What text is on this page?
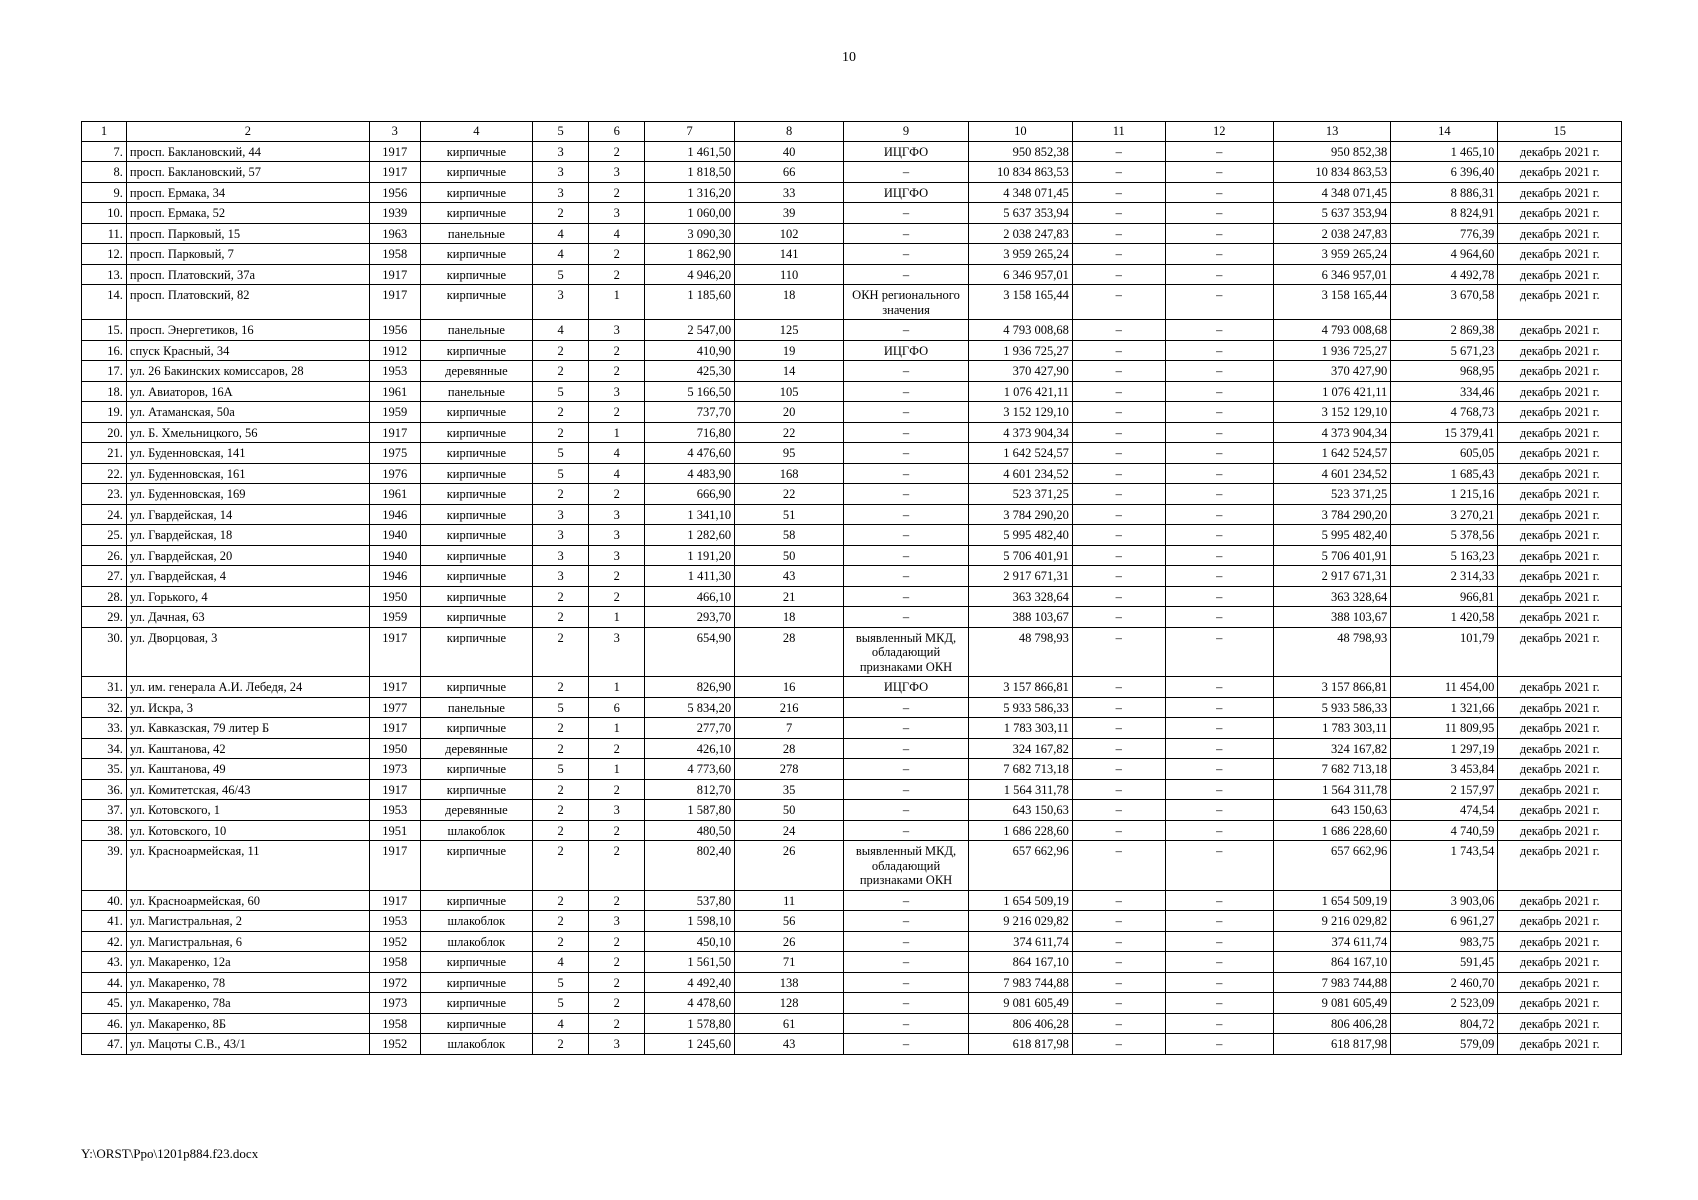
10
1	2	3	4	5	6	7	8	9	10	11	12	13	14	15
7.	просп. Баклановский, 44	1917	кирпичные	3	2	1 461,50	40	ИЦГФО	950 852,38	–	–	950 852,38	1 465,10	декабрь 2021 г.
8.	просп. Баклановский, 57	1917	кирпичные	3	3	1 818,50	66	–	10 834 863,53	–	–	10 834 863,53	6 396,40	декабрь 2021 г.
9.	просп. Ермака, 34	1956	кирпичные	3	2	1 316,20	33	ИЦГФО	4 348 071,45	–	–	4 348 071,45	8 886,31	декабрь 2021 г.
10.	просп. Ермака, 52	1939	кирпичные	2	3	1 060,00	39	–	5 637 353,94	–	–	5 637 353,94	8 824,91	декабрь 2021 г.
11.	просп. Парковый, 15	1963	панельные	4	4	3 090,30	102	–	2 038 247,83	–	–	2 038 247,83	776,39	декабрь 2021 г.
12.	просп. Парковый, 7	1958	кирпичные	4	2	1 862,90	141	–	3 959 265,24	–	–	3 959 265,24	4 964,60	декабрь 2021 г.
13.	просп. Платовский, 37а	1917	кирпичные	5	2	4 946,20	110	–	6 346 957,01	–	–	6 346 957,01	4 492,78	декабрь 2021 г.
14.	просп. Платовский, 82	1917	кирпичные	3	1	1 185,60	18	ОКН регионального значения	3 158 165,44	–	–	3 158 165,44	3 670,58	декабрь 2021 г.
15.	просп. Энергетиков, 16	1956	панельные	4	3	2 547,00	125	–	4 793 008,68	–	–	4 793 008,68	2 869,38	декабрь 2021 г.
16.	спуск Красный, 34	1912	кирпичные	2	2	410,90	19	ИЦГФО	1 936 725,27	–	–	1 936 725,27	5 671,23	декабрь 2021 г.
17.	ул. 26 Бакинских комиссаров, 28	1953	деревянные	2	2	425,30	14	–	370 427,90	–	–	370 427,90	968,95	декабрь 2021 г.
18.	ул. Авиаторов, 16А	1961	панельные	5	3	5 166,50	105	–	1 076 421,11	–	–	1 076 421,11	334,46	декабрь 2021 г.
19.	ул. Атаманская, 50а	1959	кирпичные	2	2	737,70	20	–	3 152 129,10	–	–	3 152 129,10	4 768,73	декабрь 2021 г.
20.	ул. Б. Хмельницкого, 56	1917	кирпичные	2	1	716,80	22	–	4 373 904,34	–	–	4 373 904,34	15 379,41	декабрь 2021 г.
21.	ул. Буденновская, 141	1975	кирпичные	5	4	4 476,60	95	–	1 642 524,57	–	–	1 642 524,57	605,05	декабрь 2021 г.
22.	ул. Буденновская, 161	1976	кирпичные	5	4	4 483,90	168	–	4 601 234,52	–	–	4 601 234,52	1 685,43	декабрь 2021 г.
23.	ул. Буденновская, 169	1961	кирпичные	2	2	666,90	22	–	523 371,25	–	–	523 371,25	1 215,16	декабрь 2021 г.
24.	ул. Гвардейская, 14	1946	кирпичные	3	3	1 341,10	51	–	3 784 290,20	–	–	3 784 290,20	3 270,21	декабрь 2021 г.
25.	ул. Гвардейская, 18	1940	кирпичные	3	3	1 282,60	58	–	5 995 482,40	–	–	5 995 482,40	5 378,56	декабрь 2021 г.
26.	ул. Гвардейская, 20	1940	кирпичные	3	3	1 191,20	50	–	5 706 401,91	–	–	5 706 401,91	5 163,23	декабрь 2021 г.
27.	ул. Гвардейская, 4	1946	кирпичные	3	2	1 411,30	43	–	2 917 671,31	–	–	2 917 671,31	2 314,33	декабрь 2021 г.
28.	ул. Горького, 4	1950	кирпичные	2	2	466,10	21	–	363 328,64	–	–	363 328,64	966,81	декабрь 2021 г.
29.	ул. Дачная, 63	1959	кирпичные	2	1	293,70	18	–	388 103,67	–	–	388 103,67	1 420,58	декабрь 2021 г.
30.	ул. Дворцовая, 3	1917	кирпичные	2	3	654,90	28	выявленный МКД, обладающий признаками ОКН	48 798,93	–	–	48 798,93	101,79	декабрь 2021 г.
31.	ул. им. генерала А.И. Лебедя, 24	1917	кирпичные	2	1	826,90	16	ИЦГФО	3 157 866,81	–	–	3 157 866,81	11 454,00	декабрь 2021 г.
32.	ул. Искра, 3	1977	панельные	5	6	5 834,20	216	–	5 933 586,33	–	–	5 933 586,33	1 321,66	декабрь 2021 г.
33.	ул. Кавказская, 79 литер Б	1917	кирпичные	2	1	277,70	7	–	1 783 303,11	–	–	1 783 303,11	11 809,95	декабрь 2021 г.
34.	ул. Каштанова, 42	1950	деревянные	2	2	426,10	28	–	324 167,82	–	–	324 167,82	1 297,19	декабрь 2021 г.
35.	ул. Каштанова, 49	1973	кирпичные	5	1	4 773,60	278	–	7 682 713,18	–	–	7 682 713,18	3 453,84	декабрь 2021 г.
36.	ул. Комитетская, 46/43	1917	кирпичные	2	2	812,70	35	–	1 564 311,78	–	–	1 564 311,78	2 157,97	декабрь 2021 г.
37.	ул. Котовского, 1	1953	деревянные	2	3	1 587,80	50	–	643 150,63	–	–	643 150,63	474,54	декабрь 2021 г.
38.	ул. Котовского, 10	1951	шлакоблок	2	2	480,50	24	–	1 686 228,60	–	–	1 686 228,60	4 740,59	декабрь 2021 г.
39.	ул. Красноармейская, 11	1917	кирпичные	2	2	802,40	26	выявленный МКД, обладающий признаками ОКН	657 662,96	–	–	657 662,96	1 743,54	декабрь 2021 г.
40.	ул. Красноармейская, 60	1917	кирпичные	2	2	537,80	11	–	1 654 509,19	–	–	1 654 509,19	3 903,06	декабрь 2021 г.
41.	ул. Магистральная, 2	1953	шлакоблок	2	3	1 598,10	56	–	9 216 029,82	–	–	9 216 029,82	6 961,27	декабрь 2021 г.
42.	ул. Магистральная, 6	1952	шлакоблок	2	2	450,10	26	–	374 611,74	–	–	374 611,74	983,75	декабрь 2021 г.
43.	ул. Макаренко, 12а	1958	кирпичные	4	2	1 561,50	71	–	864 167,10	–	–	864 167,10	591,45	декабрь 2021 г.
44.	ул. Макаренко, 78	1972	кирпичные	5	2	4 492,40	138	–	7 983 744,88	–	–	7 983 744,88	2 460,70	декабрь 2021 г.
45.	ул. Макаренко, 78а	1973	кирпичные	5	2	4 478,60	128	–	9 081 605,49	–	–	9 081 605,49	2 523,09	декабрь 2021 г.
46.	ул. Макаренко, 8Б	1958	кирпичные	4	2	1 578,80	61	–	806 406,28	–	–	806 406,28	804,72	декабрь 2021 г.
47.	ул. Мацоты С.В., 43/1	1952	шлакоблок	2	3	1 245,60	43	–	618 817,98	–	–	618 817,98	579,09	декабрь 2021 г.
Y:\ORST\Ppo\1201p884.f23.docx
